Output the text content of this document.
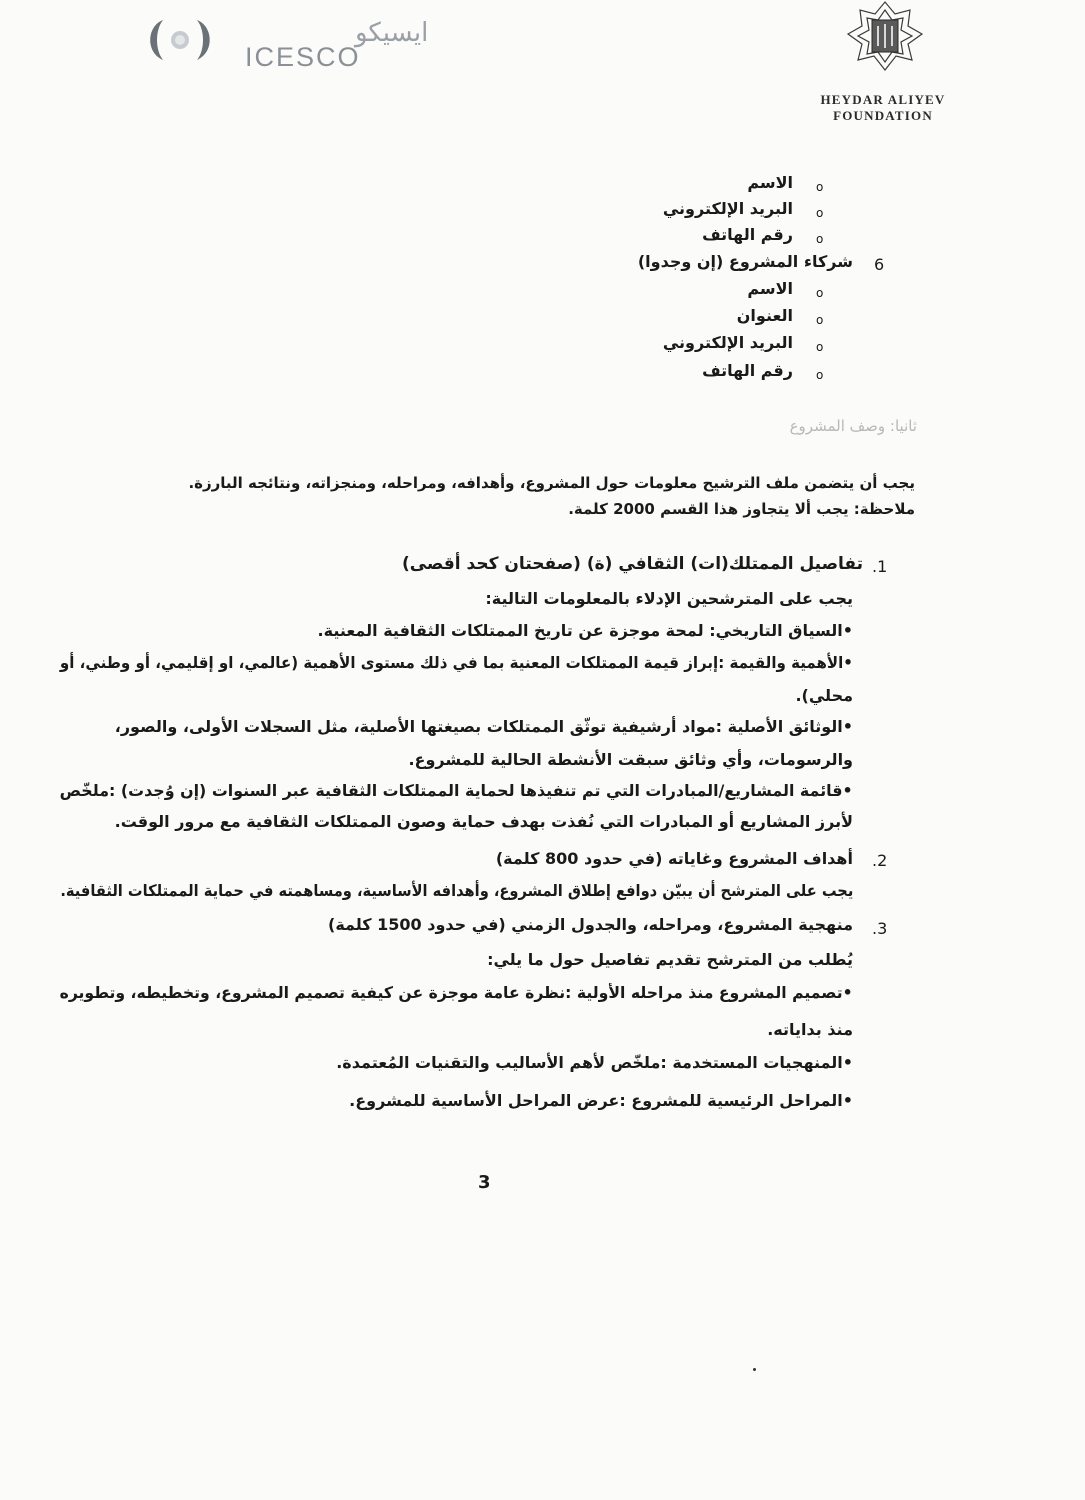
ايسيكو
ICESCO
HEYDAR ALIYEV
FOUNDATION
o
الاسم
o
البريد الإلكتروني
o
رقم الهاتف
6
شركاء المشروع (إن وجدوا)
o
الاسم
o
العنوان
o
البريد الإلكتروني
o
رقم الهاتف
ثانيا: وصف المشروع
يجب أن يتضمن ملف الترشيح معلومات حول المشروع، وأهدافه، ومراحله، ومنجزاته، ونتائجه البارزة.
ملاحظة: يجب ألا يتجاوز هذا القسم 2000 كلمة.
1.
تفاصيل الممتلك(ات) الثقافي (ة) (صفحتان كحد أقصى)
يجب على المترشحين الإدلاء بالمعلومات التالية:
•السياق التاريخي: لمحة موجزة عن تاريخ الممتلكات الثقافية المعنية.
•الأهمية والقيمة :إبراز قيمة الممتلكات المعنية بما في ذلك مستوى الأهمية (عالمي، او إقليمي، أو وطني، أو
محلي).
•الوثائق الأصلية :مواد أرشيفية توثّق الممتلكات بصيغتها الأصلية، مثل السجلات الأولى، والصور،
والرسومات، وأي وثائق سبقت الأنشطة الحالية للمشروع.
•قائمة المشاريع/المبادرات التي تم تنفيذها لحماية الممتلكات الثقافية عبر السنوات (إن وُجدت) :ملخّص
لأبرز المشاريع أو المبادرات التي نُفذت بهدف حماية وصون الممتلكات الثقافية مع مرور الوقت.
2.
أهداف المشروع وغاياته (في حدود 800 كلمة)
يجب على المترشح أن يبيّن دوافع إطلاق المشروع، وأهدافه الأساسية، ومساهمته في حماية الممتلكات الثقافية.
3.
منهجية المشروع، ومراحله، والجدول الزمني (في حدود 1500 كلمة)
يُطلب من المترشح تقديم تفاصيل حول ما يلي:
•تصميم المشروع منذ مراحله الأولية :نظرة عامة موجزة عن كيفية تصميم المشروع، وتخطيطه، وتطويره
منذ بداياته.
•المنهجيات المستخدمة :ملخّص لأهم الأساليب والتقنيات المُعتمدة.
•المراحل الرئيسية للمشروع :عرض المراحل الأساسية للمشروع.
3
